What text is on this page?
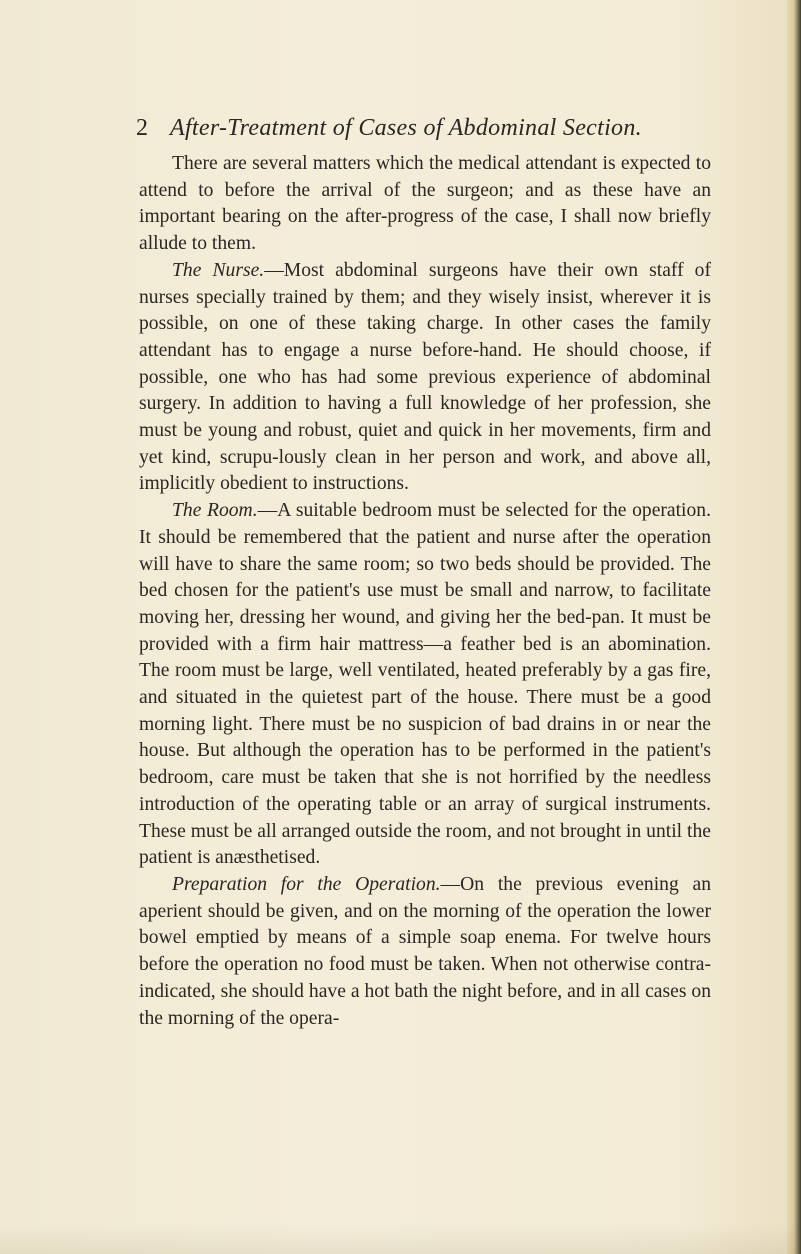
2 After-Treatment of Cases of Abdominal Section.

There are several matters which the medical attendant is expected to attend to before the arrival of the surgeon; and as these have an important bearing on the after-progress of the case, I shall now briefly allude to them.

The Nurse.—Most abdominal surgeons have their own staff of nurses specially trained by them; and they wisely insist, wherever it is possible, on one of these taking charge. In other cases the family attendant has to engage a nurse before-hand. He should choose, if possible, one who has had some previous experience of abdominal surgery. In addition to having a full knowledge of her profession, she must be young and robust, quiet and quick in her movements, firm and yet kind, scrupu-lously clean in her person and work, and above all, implicitly obedient to instructions.

The Room.—A suitable bedroom must be selected for the operation. It should be remembered that the patient and nurse after the operation will have to share the same room; so two beds should be provided. The bed chosen for the patient's use must be small and narrow, to facilitate moving her, dressing her wound, and giving her the bed-pan. It must be provided with a firm hair mattress—a feather bed is an abomination. The room must be large, well ventilated, heated preferably by a gas fire, and situated in the quietest part of the house. There must be a good morning light. There must be no suspicion of bad drains in or near the house. But although the operation has to be performed in the patient's bedroom, care must be taken that she is not horrified by the needless introduction of the operating table or an array of surgical instruments. These must be all arranged outside the room, and not brought in until the patient is anæsthetised.

Preparation for the Operation.—On the previous evening an aperient should be given, and on the morning of the operation the lower bowel emptied by means of a simple soap enema. For twelve hours before the operation no food must be taken. When not otherwise contra-indicated, she should have a hot bath the night before, and in all cases on the morning of the opera-
